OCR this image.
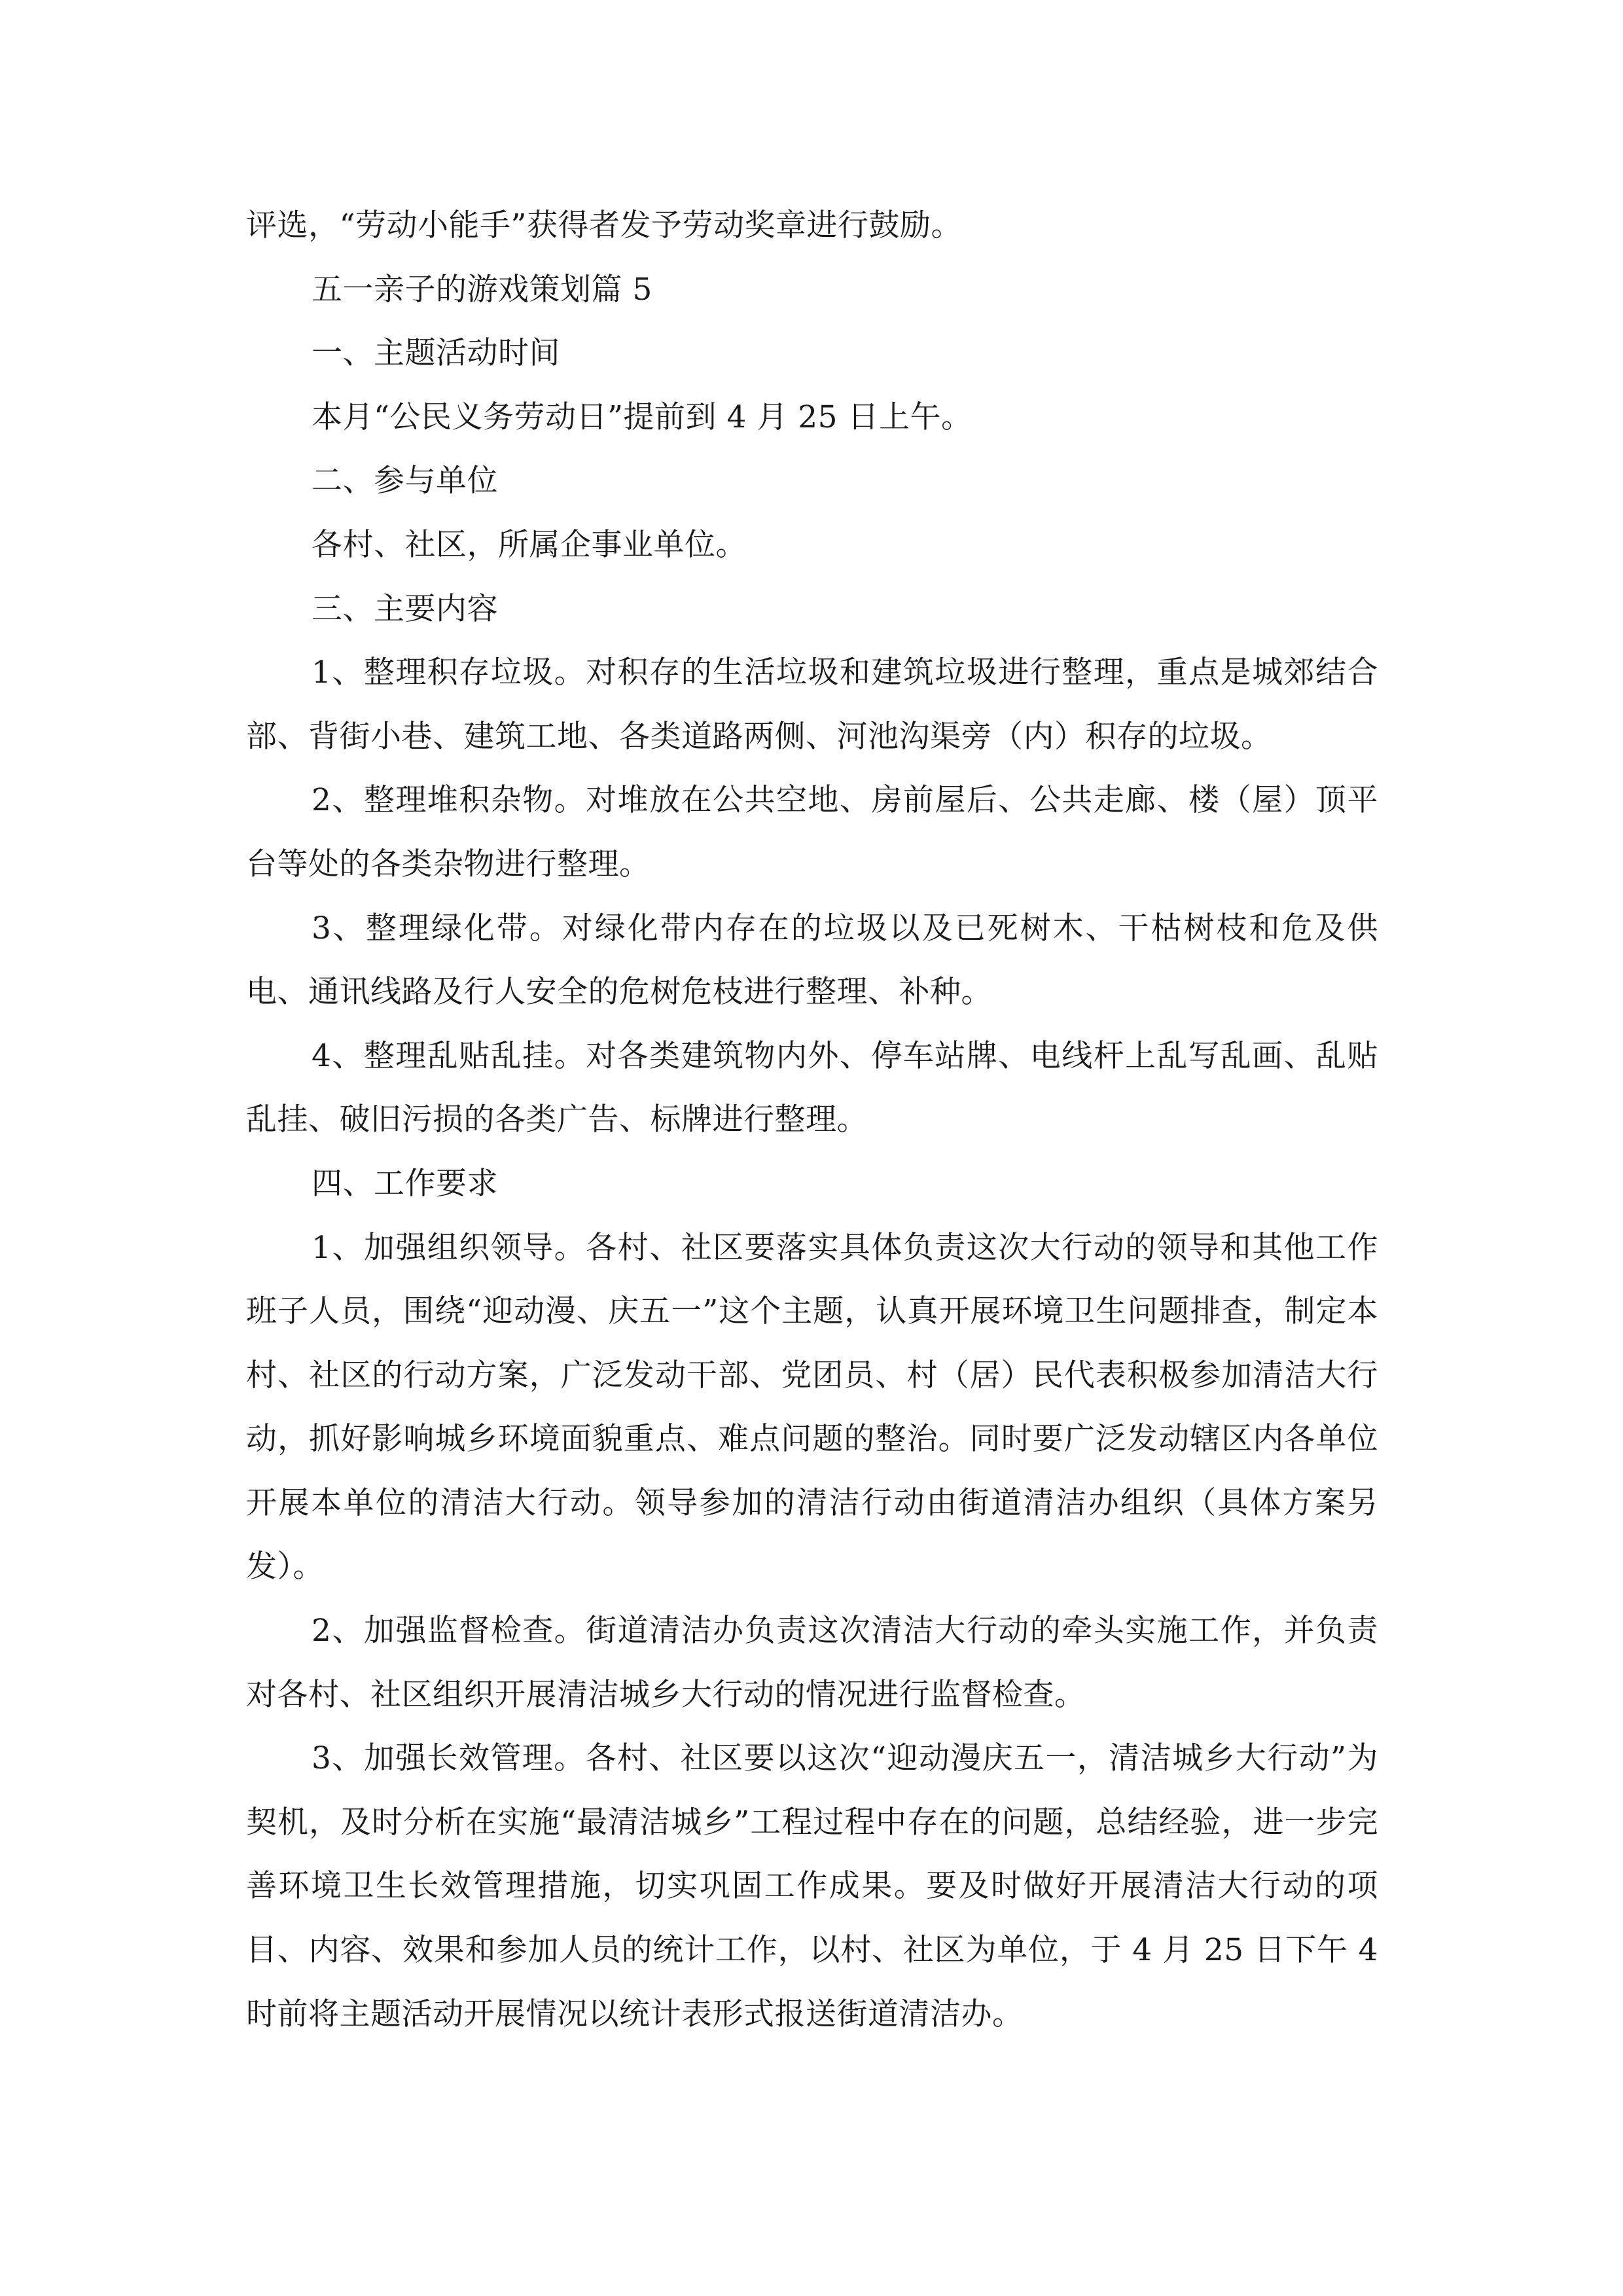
评选，“劳动小能手”获得者发予劳动奖章进行鼓励。

五一亲子的游戏策划篇 5

一、主题活动时间

本月“公民义务劳动日”提前到 4 月 25 日上午。

二、参与单位

各村、社区，所属企事业单位。

三、主要内容

1、整理积存垃圾。对积存的生活垃圾和建筑垃圾进行整理，重点是城郊结合部、背街小巷、建筑工地、各类道路两侧、河池沟渠旁（内）积存的垃圾。

2、整理堆积杂物。对堆放在公共空地、房前屋后、公共走廊、楼（屋）顶平台等处的各类杂物进行整理。

3、整理绿化带。对绿化带内存在的垃圾以及已死树木、干枯树枝和危及供电、通讯线路及行人安全的危树危枝进行整理、补种。

4、整理乱贴乱挂。对各类建筑物内外、停车站牌、电线杆上乱写乱画、乱贴乱挂、破旧污损的各类广告、标牌进行整理。

四、工作要求

1、加强组织领导。各村、社区要落实具体负责这次大行动的领导和其他工作班子人员，围绕“迎动漫、庆五一”这个主题，认真开展环境卫生问题排查，制定本村、社区的行动方案，广泛发动干部、党团员、村（居）民代表积极参加清洁大行动，抓好影响城乡环境面貌重点、难点问题的整治。同时要广泛发动辖区内各单位开展本单位的清洁大行动。领导参加的清洁行动由街道清洁办组织（具体方案另发）。

2、加强监督检查。街道清洁办负责这次清洁大行动的牵头实施工作，并负责对各村、社区组织开展清洁城乡大行动的情况进行监督检查。

3、加强长效管理。各村、社区要以这次“迎动漫庆五一，清洁城乡大行动”为契机，及时分析在实施“最清洁城乡”工程过程中存在的问题，总结经验，进一步完善环境卫生长效管理措施，切实巩固工作成果。要及时做好开展清洁大行动的项目、内容、效果和参加人员的统计工作，以村、社区为单位，于 4 月 25 日下午 4 时前将主题活动开展情况以统计表形式报送街道清洁办。
